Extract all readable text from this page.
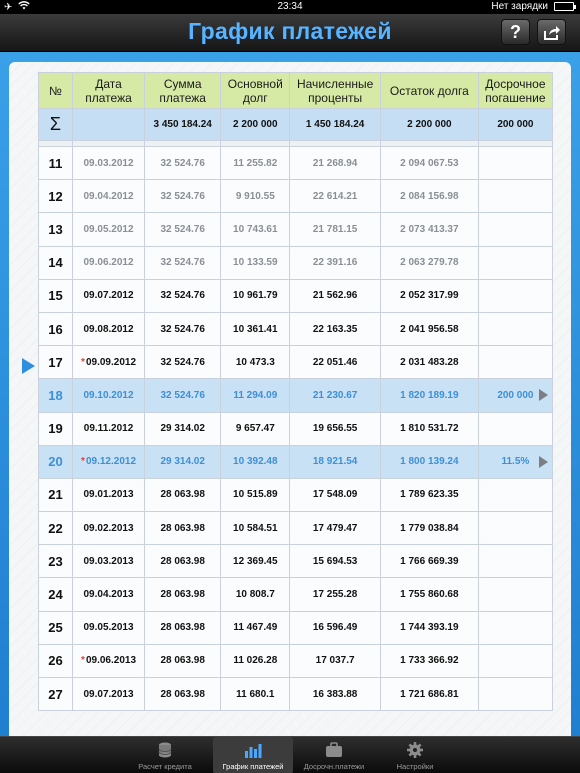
✈	23:34	Нет зарядки
График платежей	?
№	Дата платежа	Сумма платежа	Основной долг	Начисленные проценты	Остаток долга	Досрочное погашение
Σ		3 450 184.24	2 200 000	1 450 184.24	2 200 000	200 000

11	09.03.2012	32 524.76	11 255.82	21 268.94	2 094 067.53	
12	09.04.2012	32 524.76	9 910.55	22 614.21	2 084 156.98	
13	09.05.2012	32 524.76	10 743.61	21 781.15	2 073 413.37	
14	09.06.2012	32 524.76	10 133.59	22 391.16	2 063 279.78	
15	09.07.2012	32 524.76	10 961.79	21 562.96	2 052 317.99	
16	09.08.2012	32 524.76	10 361.41	22 163.35	2 041 956.58	
17	*09.09.2012	32 524.76	10 473.3	22 051.46	2 031 483.28	
18	09.10.2012	32 524.76	11 294.09	21 230.67	1 820 189.19	200 000

19	09.11.2012	29 314.02	9 657.47	19 656.55	1 810 531.72	
20	*09.12.2012	29 314.02	10 392.48	18 921.54	1 800 139.24	11.5%

21	09.01.2013	28 063.98	10 515.89	17 548.09	1 789 623.35	
22	09.02.2013	28 063.98	10 584.51	17 479.47	1 779 038.84	
23	09.03.2013	28 063.98	12 369.45	15 694.53	1 766 669.39	
24	09.04.2013	28 063.98	10 808.7	17 255.28	1 755 860.68	
25	09.05.2013	28 063.98	11 467.49	16 596.49	1 744 393.19	
26	*09.06.2013	28 063.98	11 026.28	17 037.7	1 733 366.92	
27	09.07.2013	28 063.98	11 680.1	16 383.88	1 721 686.81	
Расчет кредита	График платежей	Досрочн.платежи	Настройки
